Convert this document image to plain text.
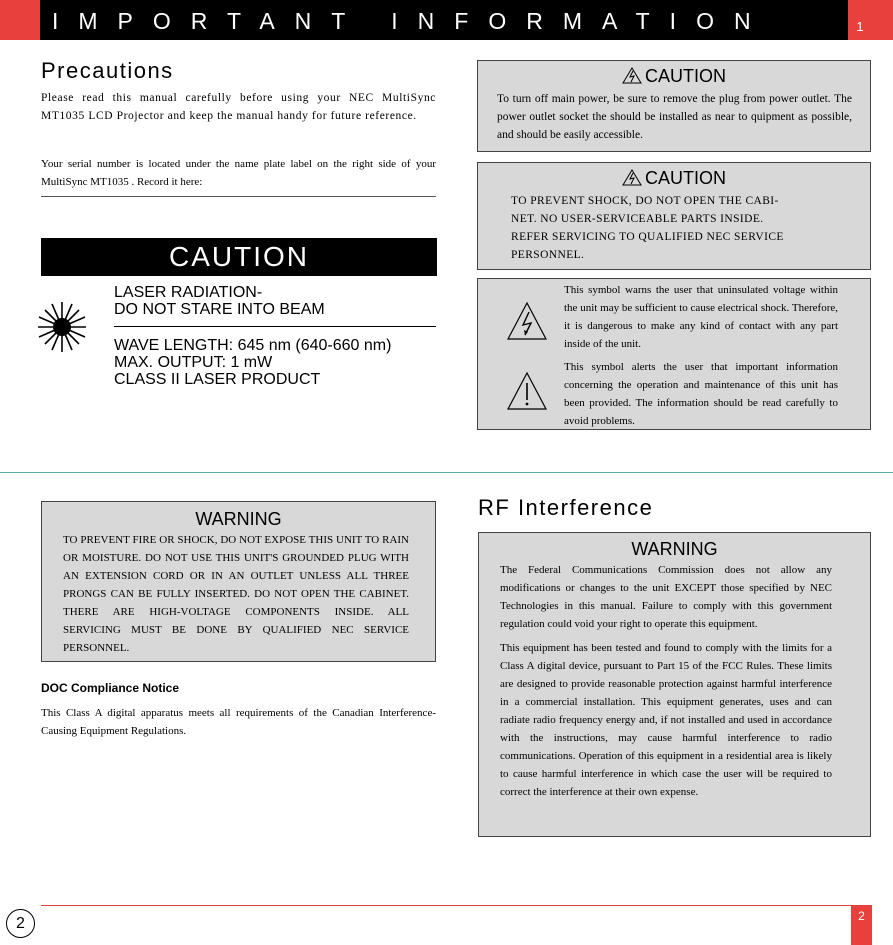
IMPORTANT INFORMATION	1
Precautions
Please read this manual carefully before using your NEC MultiSync MT1035 LCD Projector and keep the manual handy for future reference.
Your serial number is located under the name plate label on the right side of your MultiSync MT1035 . Record it here:
CAUTION
LASER RADIATION-
DO NOT STARE INTO BEAM
WAVE LENGTH: 645 nm (640-660 nm)
MAX. OUTPUT: 1 mW
CLASS II LASER PRODUCT
CAUTION
To turn off main power, be sure to remove the plug from power outlet. The power outlet socket the should be installed as near to quipment as possible, and should be easily accessible.
CAUTION
TO PREVENT SHOCK, DO NOT OPEN THE CABI-
NET. NO USER-SERVICEABLE PARTS INSIDE.
REFER SERVICING TO QUALIFIED NEC SERVICE
PERSONNEL.
This symbol warns the user that uninsulated voltage within the unit may be sufficient to cause electrical shock. Therefore, it is dangerous to make any kind of contact with any part inside of the unit.
This symbol alerts the user that important information concerning the operation and maintenance of this unit has been provided. The information should be read carefully to avoid problems.
WARNING
TO PREVENT FIRE OR SHOCK, DO NOT EXPOSE THIS UNIT TO RAIN OR MOISTURE. DO NOT USE THIS UNIT'S GROUNDED PLUG WITH AN EXTENSION CORD OR IN AN OUTLET UNLESS ALL THREE PRONGS CAN BE FULLY INSERTED. DO NOT OPEN THE CABINET. THERE ARE HIGH-VOLTAGE COMPONENTS INSIDE. ALL SERVICING MUST BE DONE BY QUALIFIED NEC SERVICE PERSONNEL.
DOC Compliance Notice
This Class A digital apparatus meets all requirements of the Canadian Interference-Causing Equipment Regulations.
RF Interference
WARNING
The Federal Communications Commission does not allow any modifications or changes to the unit EXCEPT those specified by NEC Technologies in this manual. Failure to comply with this government regulation could void your right to operate this equipment.
This equipment has been tested and found to comply with the limits for a Class A digital device, pursuant to Part 15 of the FCC Rules. These limits are designed to provide reasonable protection against harmful interference in a commercial installation. This equipment generates, uses and can radiate radio frequency energy and, if not installed and used in accordance with the instructions, may cause harmful interference to radio communications. Operation of this equipment in a residential area is likely to cause harmful interference in which case the user will be required to correct the interference at their own expense.
2	2
